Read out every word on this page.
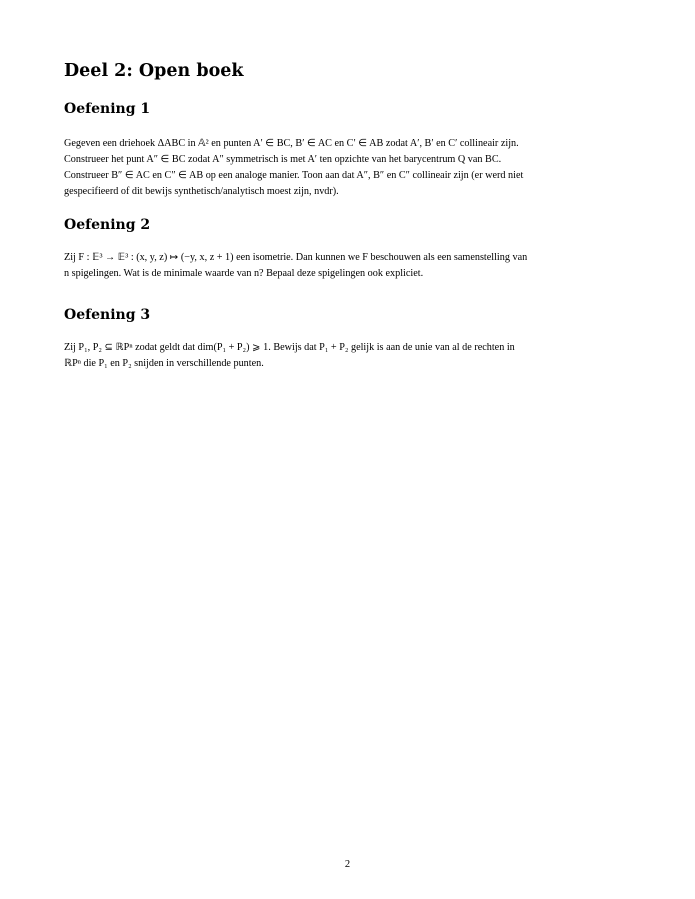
Deel 2: Open boek
Oefening 1
Gegeven een driehoek ΔABC in 𝔸² en punten A′ ∈ BC, B′ ∈ AC en C′ ∈ AB zodat A′, B′ en C′ collineair zijn.
Construeer het punt A″ ∈ BC zodat A″ symmetrisch is met A′ ten opzichte van het barycentrum Q van BC.
Construeer B″ ∈ AC en C″ ∈ AB op een analoge manier. Toon aan dat A″, B″ en C″ collineair zijn (er werd niet
gespecifieerd of dit bewijs synthetisch/analytisch moest zijn, nvdr).
Oefening 2
Zij F : 𝔼³ → 𝔼³ : (x, y, z) ↦ (−y, x, z + 1) een isometrie. Dan kunnen we F beschouwen als een samenstelling van
n spigelingen. Wat is de minimale waarde van n? Bepaal deze spigelingen ook expliciet.
Oefening 3
Zij P₁, P₂ ⊆ ℝPⁿ zodat geldt dat dim(P₁ + P₂) ⩾ 1. Bewijs dat P₁ + P₂ gelijk is aan de unie van al de rechten in
ℝPⁿ die P₁ en P₂ snijden in verschillende punten.
2
